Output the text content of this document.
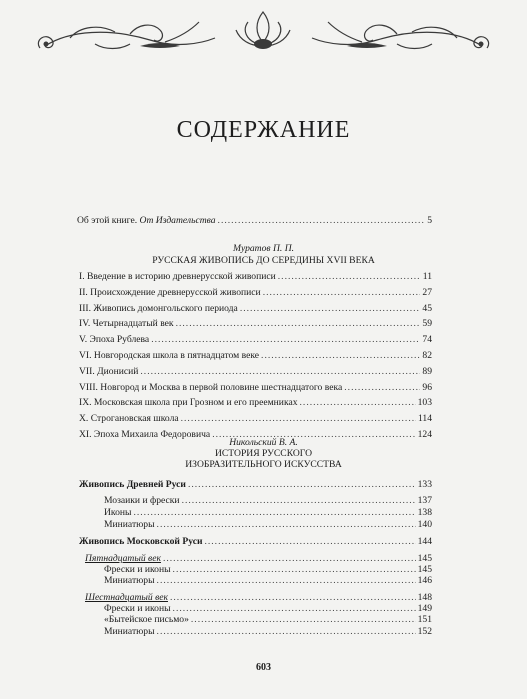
СОДЕРЖАНИЕ
Об этой книге. От Издательства .....	5
Муратов П. П.
РУССКАЯ ЖИВОПИСЬ ДО СЕРЕДИНЫ XVII ВЕКА
I. Введение в историю древнерусской живописи .....	11
II. Происхождение древнерусской живописи .....	27
III. Живопись домонгольского периода .....	45
IV. Четырнадцатый век .....	59
V. Эпоха Рублева .....	74
VI. Новгородская школа в пятнадцатом веке .....	82
VII. Дионисий .....	89
VIII. Новгород и Москва в первой половине шестнадцатого века .....	96
IX. Московская школа при Грозном и его преемниках .....	103
X. Строгановская школа .....	114
XI. Эпоха Михаила Федоровича .....	124
Никольский В. А.
ИСТОРИЯ РУССКОГО
ИЗОБРАЗИТЕЛЬНОГО ИСКУССТВА
Живопись Древней Руси .....	133
Мозаики и фрески .....	137
Иконы .....	138
Миниатюры .....	140
Живопись Московской Руси .....	144
Пятнадцатый век .....	145
Фрески и иконы .....	145
Миниатюры .....	146
Шестнадцатый век .....	148
Фрески и иконы .....	149
«Бытейское письмо» .....	151
Миниатюры .....	152
603
